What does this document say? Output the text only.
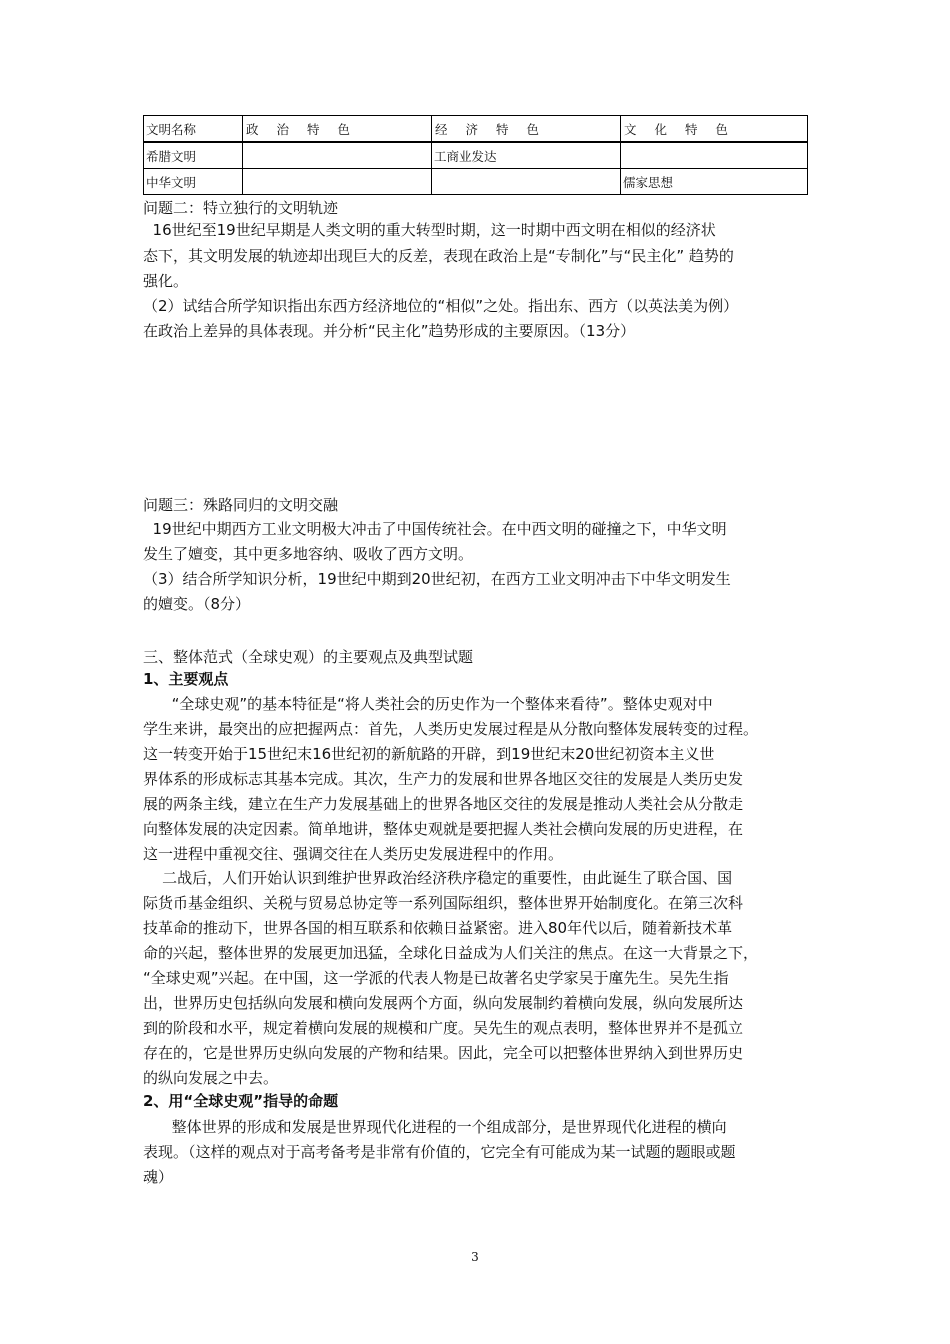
文明名称	政 治 特 色	经 济 特 色	文 化 特 色
希腊文明		工商业发达	
中华文明			儒家思想
问题二：特立独行的文明轨迹
16世纪至19世纪早期是人类文明的重大转型时期，这一时期中西文明在相似的经济状
态下，其文明发展的轨迹却出现巨大的反差，表现在政治上是“专制化”与“民主化” 趋势的
强化。
（2）试结合所学知识指出东西方经济地位的“相似”之处。指出东、西方（以英法美为例）
在政治上差异的具体表现。并分析“民主化”趋势形成的主要原因。（13分）
问题三：殊路同归的文明交融
19世纪中期西方工业文明极大冲击了中国传统社会。在中西文明的碰撞之下，中华文明
发生了嬗变，其中更多地容纳、吸收了西方文明。
（3）结合所学知识分析，19世纪中期到20世纪初，在西方工业文明冲击下中华文明发生
的嬗变。（8分）
三、整体范式（全球史观）的主要观点及典型试题
1、主要观点
“全球史观”的基本特征是“将人类社会的历史作为一个整体来看待”。整体史观对中
学生来讲，最突出的应把握两点：首先，人类历史发展过程是从分散向整体发展转变的过程。
这一转变开始于15世纪末16世纪初的新航路的开辟，到19世纪末20世纪初资本主义世
界体系的形成标志其基本完成。其次，生产力的发展和世界各地区交往的发展是人类历史发
展的两条主线，建立在生产力发展基础上的世界各地区交往的发展是推动人类社会从分散走
向整体发展的决定因素。简单地讲，整体史观就是要把握人类社会横向发展的历史进程，在
这一进程中重视交往、强调交往在人类历史发展进程中的作用。
二战后，人们开始认识到维护世界政治经济秩序稳定的重要性，由此诞生了联合国、国
际货币基金组织、关税与贸易总协定等一系列国际组织，整体世界开始制度化。在第三次科
技革命的推动下，世界各国的相互联系和依赖日益紧密。进入80年代以后，随着新技术革
命的兴起，整体世界的发展更加迅猛，全球化日益成为人们关注的焦点。在这一大背景之下，
“全球史观”兴起。在中国，这一学派的代表人物是已故著名史学家吴于廑先生。吴先生指
出，世界历史包括纵向发展和横向发展两个方面，纵向发展制约着横向发展，纵向发展所达
到的阶段和水平，规定着横向发展的规模和广度。吴先生的观点表明，整体世界并不是孤立
存在的，它是世界历史纵向发展的产物和结果。因此，完全可以把整体世界纳入到世界历史
的纵向发展之中去。
2、用“全球史观”指导的命题
整体世界的形成和发展是世界现代化进程的一个组成部分，是世界现代化进程的横向
表现。（这样的观点对于高考备考是非常有价值的，它完全有可能成为某一试题的题眼或题
魂）
3
